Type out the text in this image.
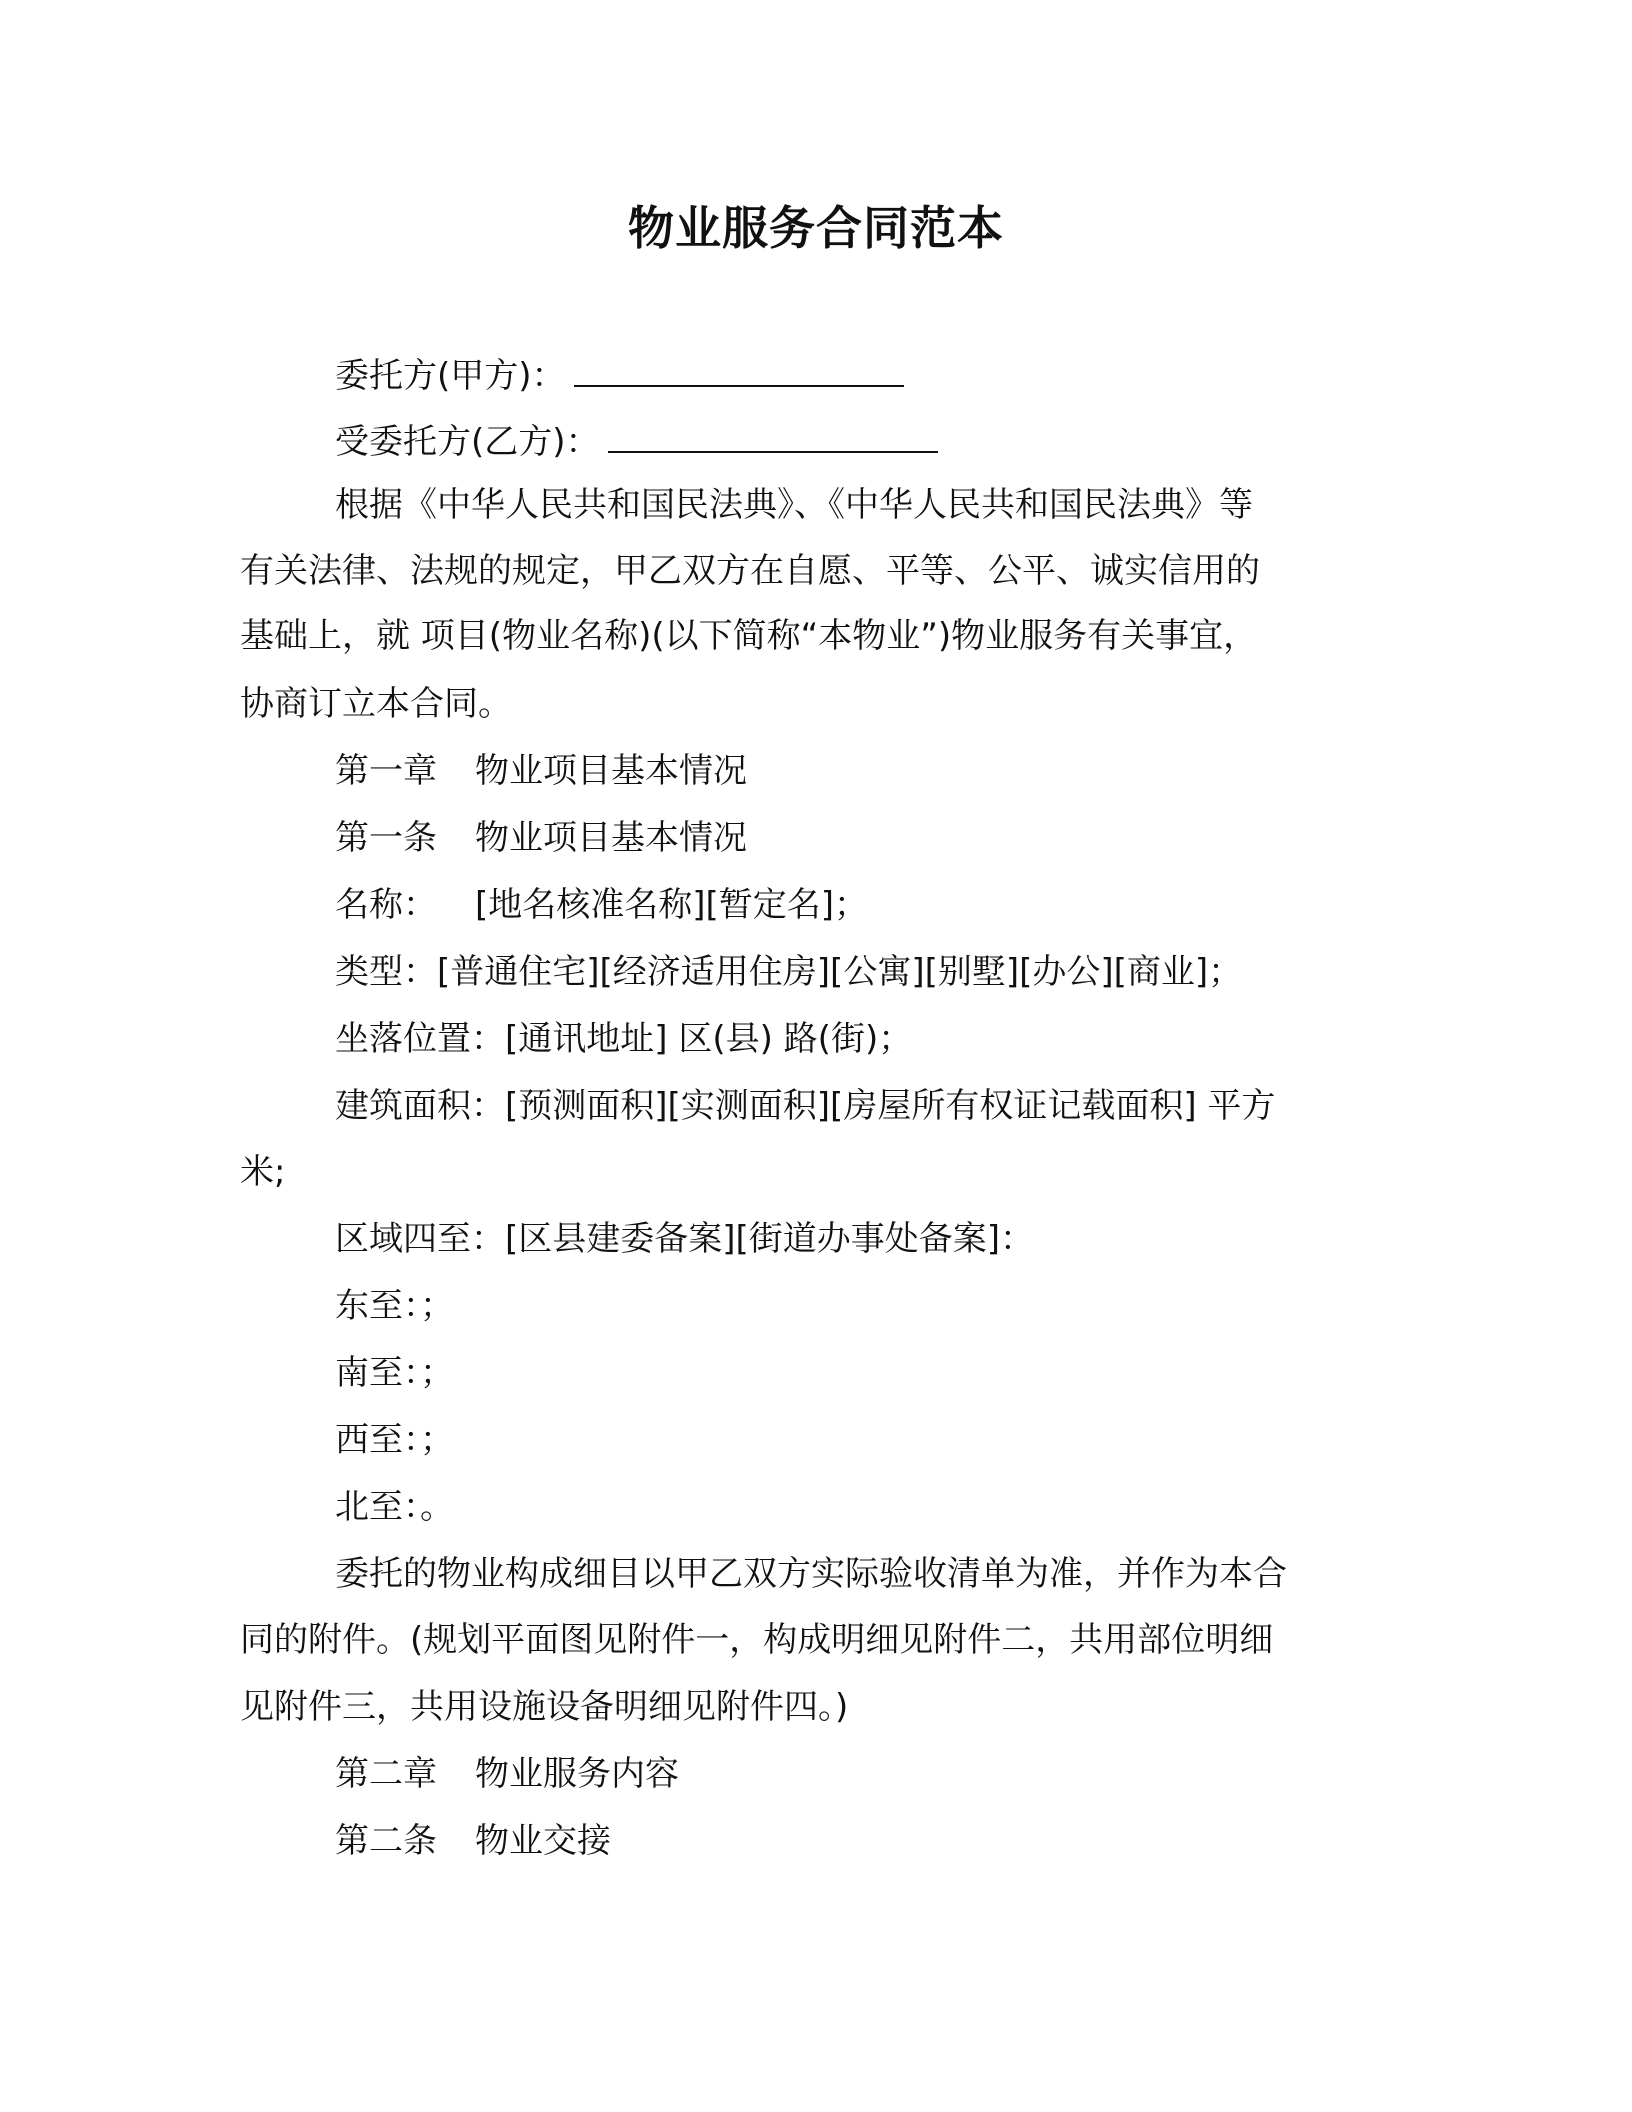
物业服务合同范本
委托方(甲方)：
受委托方(乙方)：
根据《中华人民共和国民法典》、《中华人民共和国民法典》等
有关法律、法规的规定，甲乙双方在自愿、平等、公平、诚实信用的
基础上，就 项目(物业名称)(以下简称“本物业”)物业服务有关事宜，
协商订立本合同。
第一章 物业项目基本情况
第一条 物业项目基本情况
名称： [地名核准名称][暂定名]；
类型：[普通住宅][经济适用住房][公寓][别墅][办公][商业]；
坐落位置：[通讯地址] 区(县) 路(街)；
建筑面积：[预测面积][实测面积][房屋所有权证记载面积] 平方
米;
区域四至：[区县建委备案][街道办事处备案]：
东至：；
南至：；
西至：；
北至：。
委托的物业构成细目以甲乙双方实际验收清单为准，并作为本合
同的附件。(规划平面图见附件一，构成明细见附件二，共用部位明细
见附件三，共用设施设备明细见附件四。)
第二章 物业服务内容
第二条 物业交接
